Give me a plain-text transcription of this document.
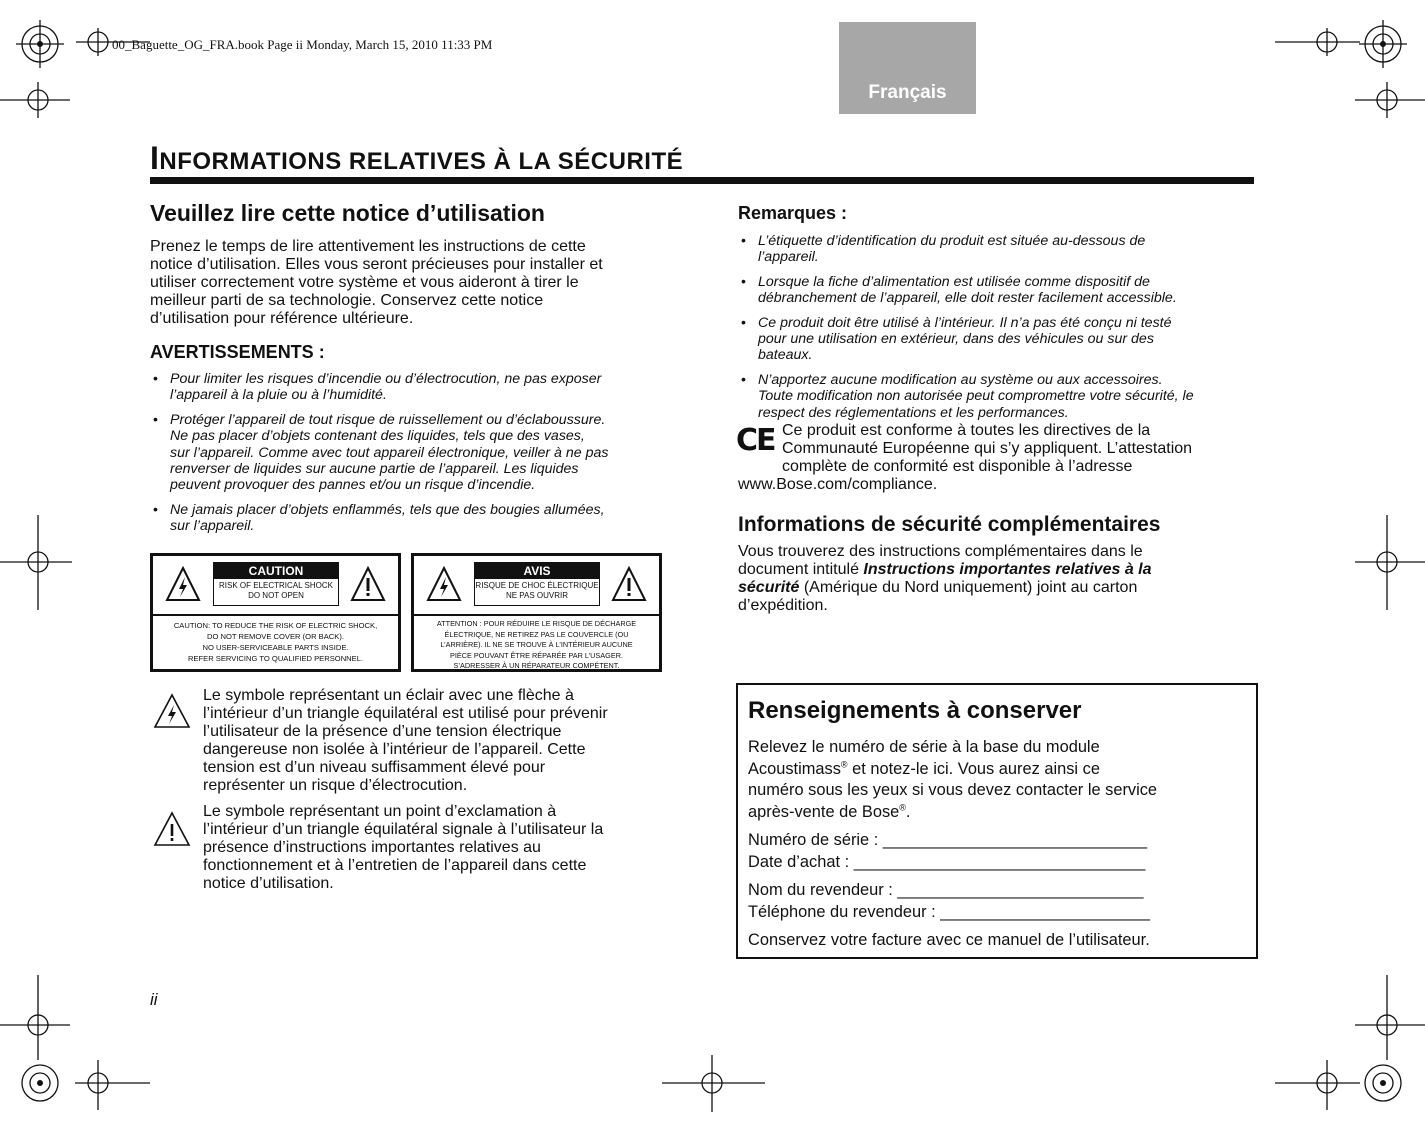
00_Baguette_OG_FRA.book Page ii Monday, March 15, 2010 11:33 PM
Français
INFORMATIONS RELATIVES À LA SÉCURITÉ
Veuillez lire cette notice d’utilisation
Prenez le temps de lire attentivement les instructions de cette
notice d’utilisation. Elles vous seront précieuses pour installer et
utiliser correctement votre système et vous aideront à tirer le
meilleur parti de sa technologie. Conservez cette notice
d’utilisation pour référence ultérieure.
AVERTISSEMENTS :
• Pour limiter les risques d’incendie ou d’électrocution, ne pas exposer
l’appareil à la pluie ou à l’humidité.
• Protéger l’appareil de tout risque de ruissellement ou d’éclaboussure.
Ne pas placer d’objets contenant des liquides, tels que des vases,
sur l’appareil. Comme avec tout appareil électronique, veiller à ne pas
renverser de liquides sur aucune partie de l’appareil. Les liquides
peuvent provoquer des pannes et/ou un risque d’incendie.
• Ne jamais placer d’objets enflammés, tels que des bougies allumées,
sur l’appareil.
CAUTION
RISK OF ELECTRICAL SHOCK
DO NOT OPEN
CAUTION: TO REDUCE THE RISK OF ELECTRIC SHOCK,
DO NOT REMOVE COVER (OR BACK).
NO USER-SERVICEABLE PARTS INSIDE.
REFER SERVICING TO QUALIFIED PERSONNEL.
AVIS
RISQUE DE CHOC ÉLECTRIQUE
NE PAS OUVRIR
ATTENTION : POUR RÉDUIRE LE RISQUE DE DÉCHARGE
ÉLECTRIQUE, NE RETIREZ PAS LE COUVERCLE (OU
L’ARRIÈRE). IL NE SE TROUVE À L’INTÉRIEUR AUCUNE
PIÈCE POUVANT ÊTRE RÉPARÉE PAR L’USAGER.
S’ADRESSER À UN RÉPARATEUR COMPÉTENT.
Le symbole représentant un éclair avec une flèche à
l’intérieur d’un triangle équilatéral est utilisé pour prévenir
l’utilisateur de la présence d’une tension électrique
dangereuse non isolée à l’intérieur de l’appareil. Cette
tension est d’un niveau suffisamment élevé pour
représenter un risque d’électrocution.
Le symbole représentant un point d’exclamation à
l’intérieur d’un triangle équilatéral signale à l’utilisateur la
présence d’instructions importantes relatives au
fonctionnement et à l’entretien de l’appareil dans cette
notice d’utilisation.
Remarques :
• L’étiquette d’identification du produit est située au-dessous de
l’appareil.
• Lorsque la fiche d’alimentation est utilisée comme dispositif de
débranchement de l’appareil, elle doit rester facilement accessible.
• Ce produit doit être utilisé à l’intérieur. Il n’a pas été conçu ni testé
pour une utilisation en extérieur, dans des véhicules ou sur des
bateaux.
• N’apportez aucune modification au système ou aux accessoires.
Toute modification non autorisée peut compromettre votre sécurité, le
respect des réglementations et les performances.
CE Ce produit est conforme à toutes les directives de la
Communauté Européenne qui s’y appliquent. L’attestation
complète de conformité est disponible à l’adresse
www.Bose.com/compliance.
Informations de sécurité complémentaires
Vous trouverez des instructions complémentaires dans le
document intitulé Instructions importantes relatives à la
sécurité (Amérique du Nord uniquement) joint au carton
d’expédition.
Renseignements à conserver
Relevez le numéro de série à la base du module
Acoustimass® et notez-le ici. Vous aurez ainsi ce
numéro sous les yeux si vous devez contacter le service
après-vente de Bose®.
Numéro de série : _____________________________
Date d’achat : ________________________________
Nom du revendeur : ___________________________
Téléphone du revendeur : _______________________
Conservez votre facture avec ce manuel de l’utilisateur.
ii
